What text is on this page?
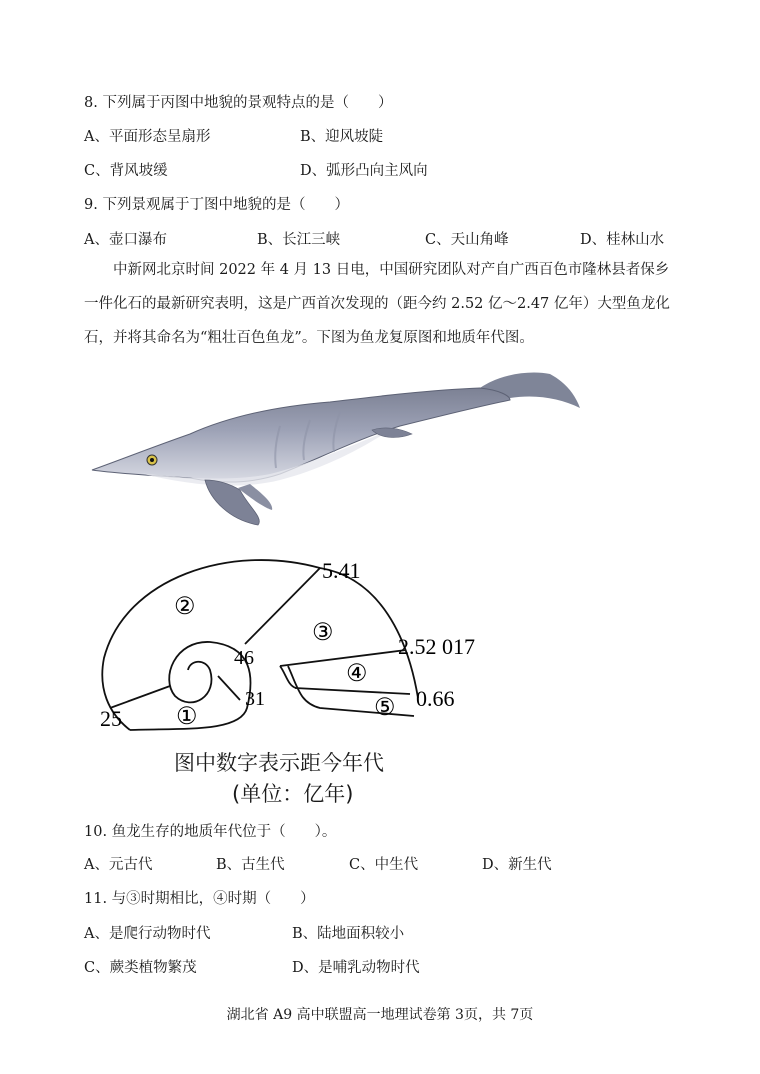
8. 下列属于丙图中地貌的景观特点的是（　　）
A、平面形态呈扇形	B、迎风坡陡
C、背风坡缓	D、弧形凸向主风向
9. 下列景观属于丁图中地貌的是（　　）
A、壶口瀑布	B、长江三峡	C、天山角峰	D、桂林山水
　　中新网北京时间 2022 年 4 月 13 日电，中国研究团队对产自广西百色市隆林县者保乡
一件化石的最新研究表明，这是广西首次发现的（距今约 2.52 亿～2.47 亿年）大型鱼龙化
石，并将其命名为“粗壮百色鱼龙”。下图为鱼龙复原图和地质年代图。
5.41
2.52 017
46
31
25
0.66
②
③
④
⑤
①
图中数字表示距今年代
(单位：亿年)
10. 鱼龙生存的地质年代位于（　　）。
A、元古代	B、古生代	C、中生代	D、新生代
11. 与③时期相比，④时期（　　）
A、是爬行动物时代	B、陆地面积较小
C、蕨类植物繁茂	D、是哺乳动物时代
湖北省 A9 高中联盟高一地理试卷第 3页，共 7页
